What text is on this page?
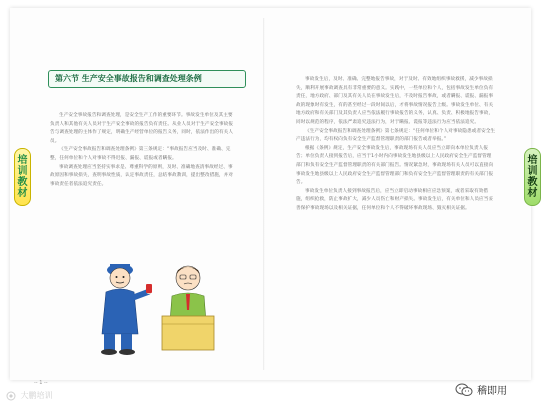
第六节 生产安全事故报告和调查处理条例
培
训
教
材
培
训
教
材

生产安全事故报告和调查处理，是安全生产工作的重要环节。事故发生单位及其主要负责人和其他有关人员对于生产安全事故的报告负有责任。从业人员对于生产安全事故报告与调查处理的主体作了规定，明确生产经营单位的报告义务，同时，依法作出的有关人员。

《生产安全事故报告和调查处理条例》第三条规定：“事故报告应当及时、准确、完整，任何单位和个人对事故不得迟报、漏报、谎报或者瞒报。

事故调查处理应当坚持实事求是、尊重科学的原则，及时、准确地查清事故经过、事故原因和事故损失，查明事故性质，认定事故责任，总结事故教训，提出整改措施，并对事故责任者依法追究责任。

事故发生后，及时、准确、完整地报告事故，对于及时、有效地组织事故救援，减少事故损失，顺利开展事故调查具有非常重要的意义。实践中，一些单位和个人，包括事故发生单位负有责任，地方政府、部门及其有关人员在事故发生后，不及时报告事故，或者瞒报、谎报、漏报事故的现象时有发生，有的甚至经过一段时间以后，才将事故情况报告上级。事故发生单位、有关地方政府和有关部门及其负责人应当依法履行事故报告的义务，认真、负责、积极地报告事故，同时以规范的程序，依法严肃追究违法行为，对于瞒报、谎报等违法行为应当依法追究。

《生产安全事故报告和调查处理条例》第七条规定：“任何单位和个人对事故隐患或者安全生产违法行为，均有权向负有安全生产监督管理职责的部门报告或者举报。”

根据《条例》规定，生产安全事故发生后，事故现场有关人员应当立即向本单位负责人报告；单位负责人接到报告后，应当于1小时内向事故发生地县级以上人民政府安全生产监督管理部门和负有安全生产监督管理职责的有关部门报告。情况紧急时，事故现场有关人员可以直接向事故发生地县级以上人民政府安全生产监督管理部门和负有安全生产监督管理职责的有关部门报告。

事故发生单位负责人接到事故报告后，应当立即启动事故相应应急预案，或者采取有效措施，组织抢救，防止事故扩大，减少人员伤亡和财产损失。事故发生后，有关单位和人员应当妥善保护事故现场以及相关证据，任何单位和个人不得破坏事故现场、毁灭相关证据。

-- 1 --
大鹏培训	稽即用
